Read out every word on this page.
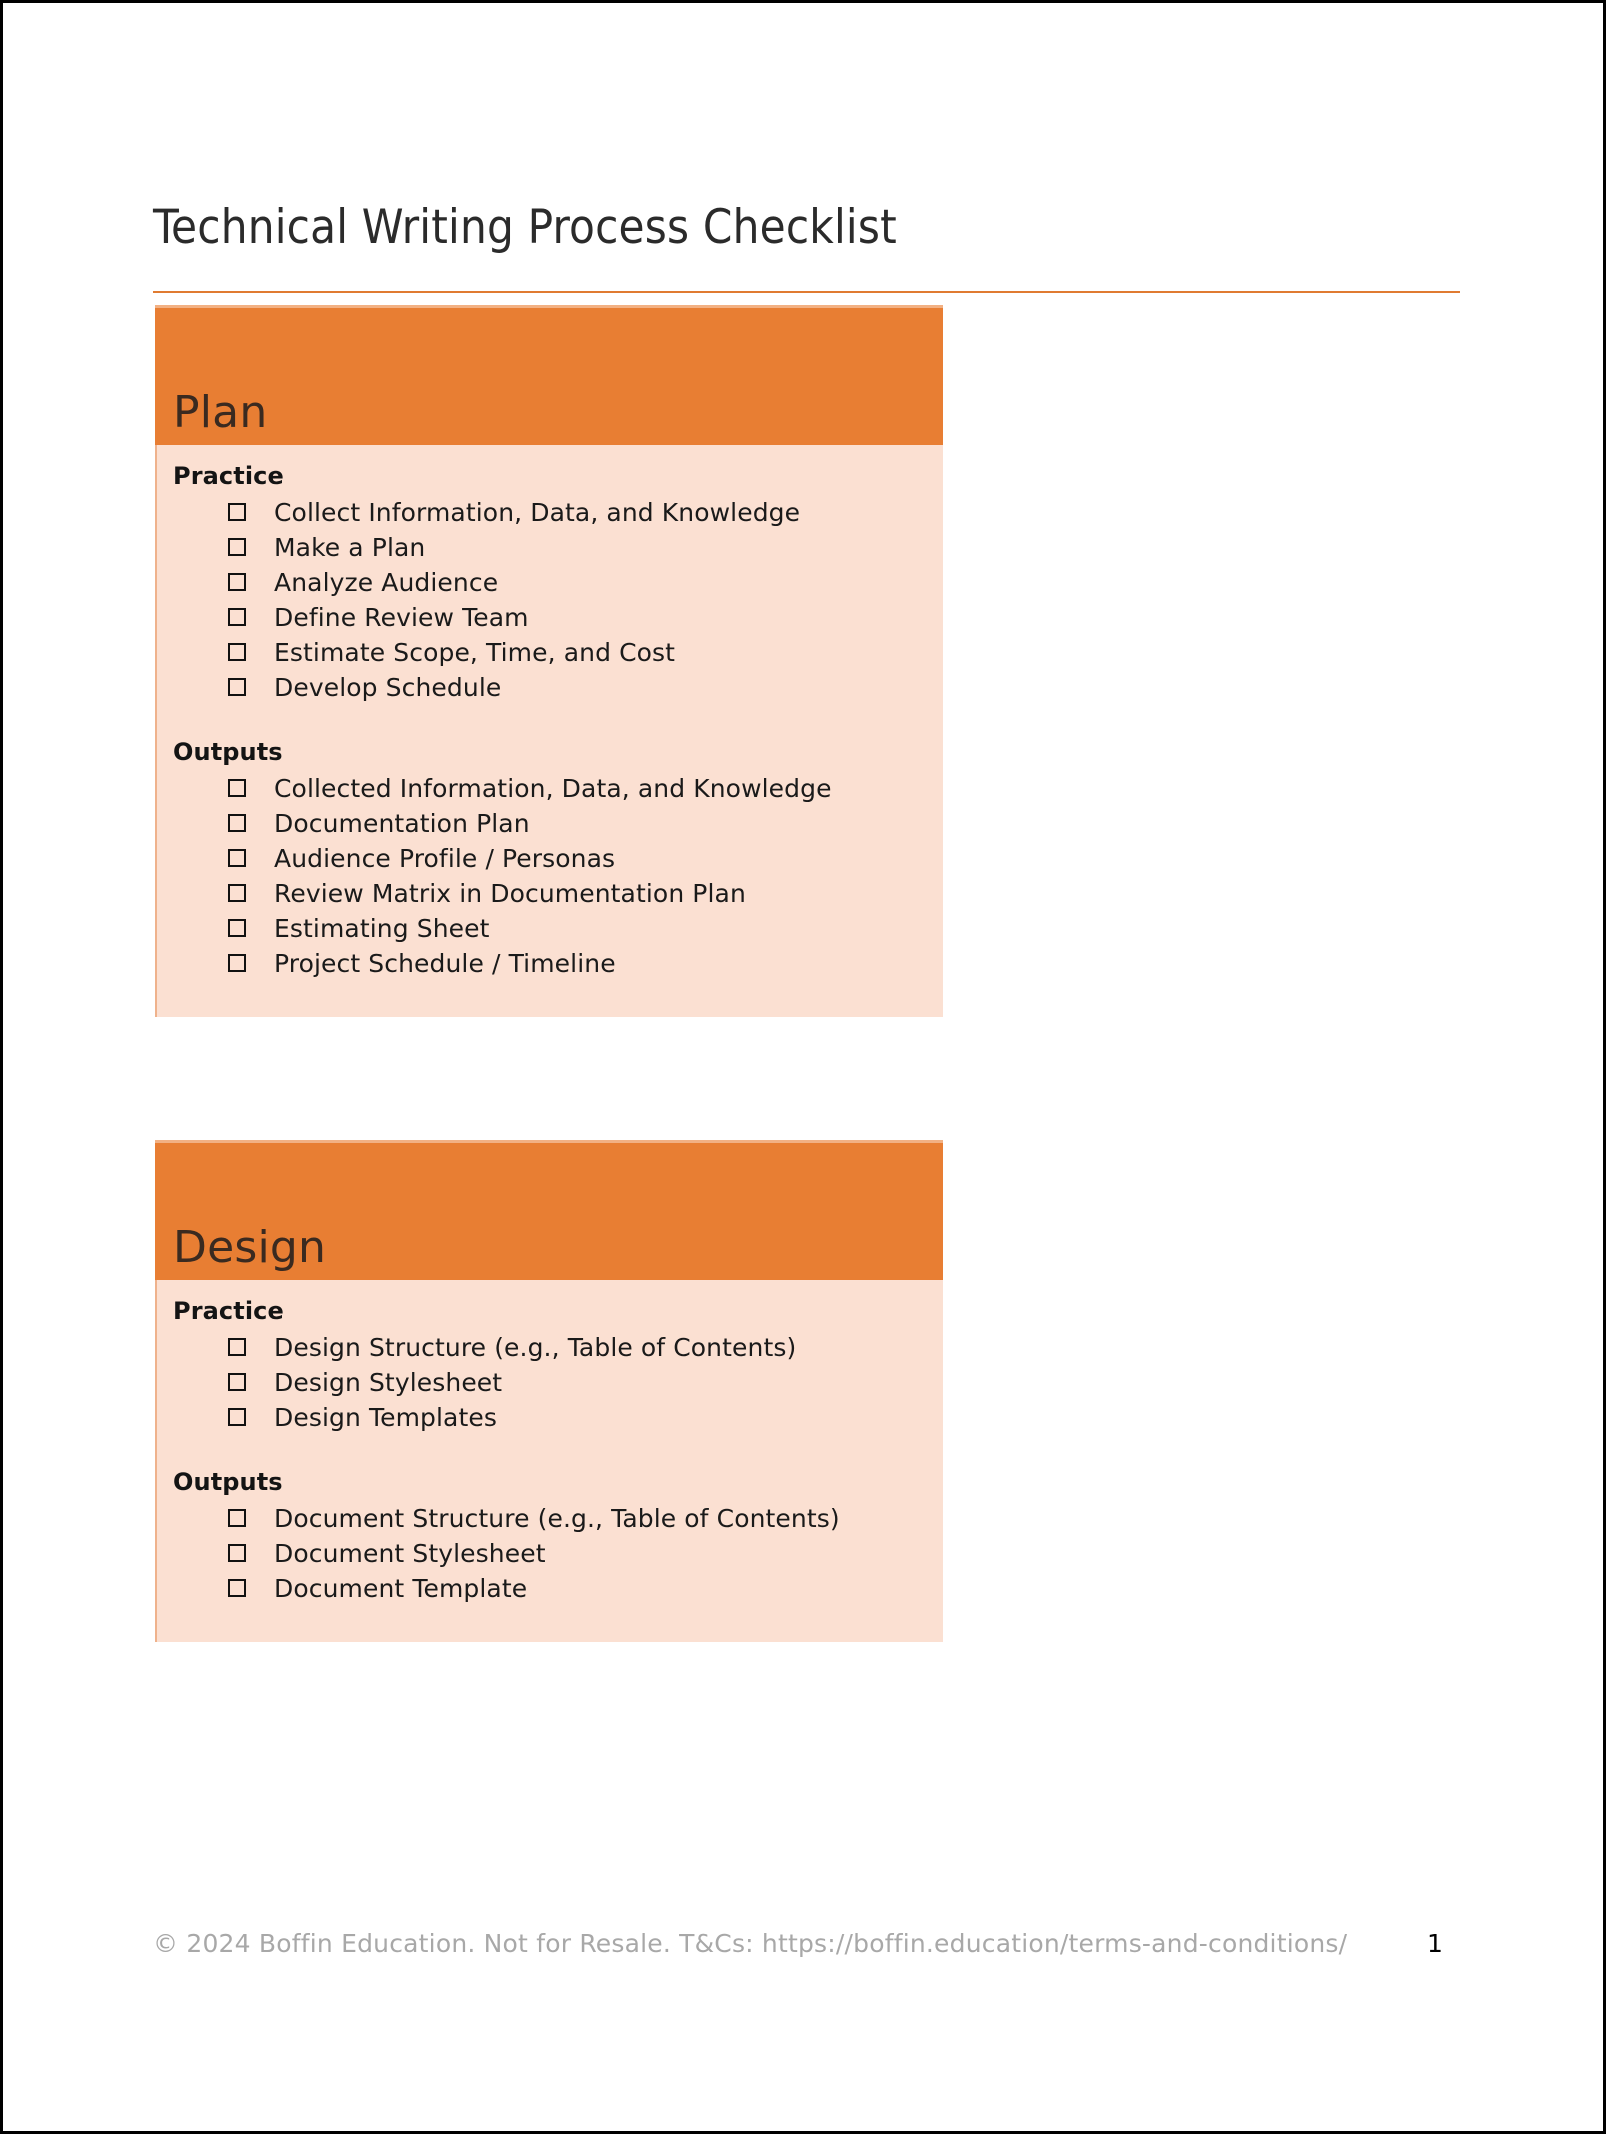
Technical Writing Process Checklist
Plan
Practice
Collect Information, Data, and Knowledge
Make a Plan
Analyze Audience
Define Review Team
Estimate Scope, Time, and Cost
Develop Schedule
Outputs
Collected Information, Data, and Knowledge
Documentation Plan
Audience Profile / Personas
Review Matrix in Documentation Plan
Estimating Sheet
Project Schedule / Timeline
Design
Practice
Design Structure (e.g., Table of Contents)
Design Stylesheet
Design Templates
Outputs
Document Structure (e.g., Table of Contents)
Document Stylesheet
Document Template
© 2024 Boffin Education. Not for Resale. T&Cs: https://boffin.education/terms-and-conditions/	1
